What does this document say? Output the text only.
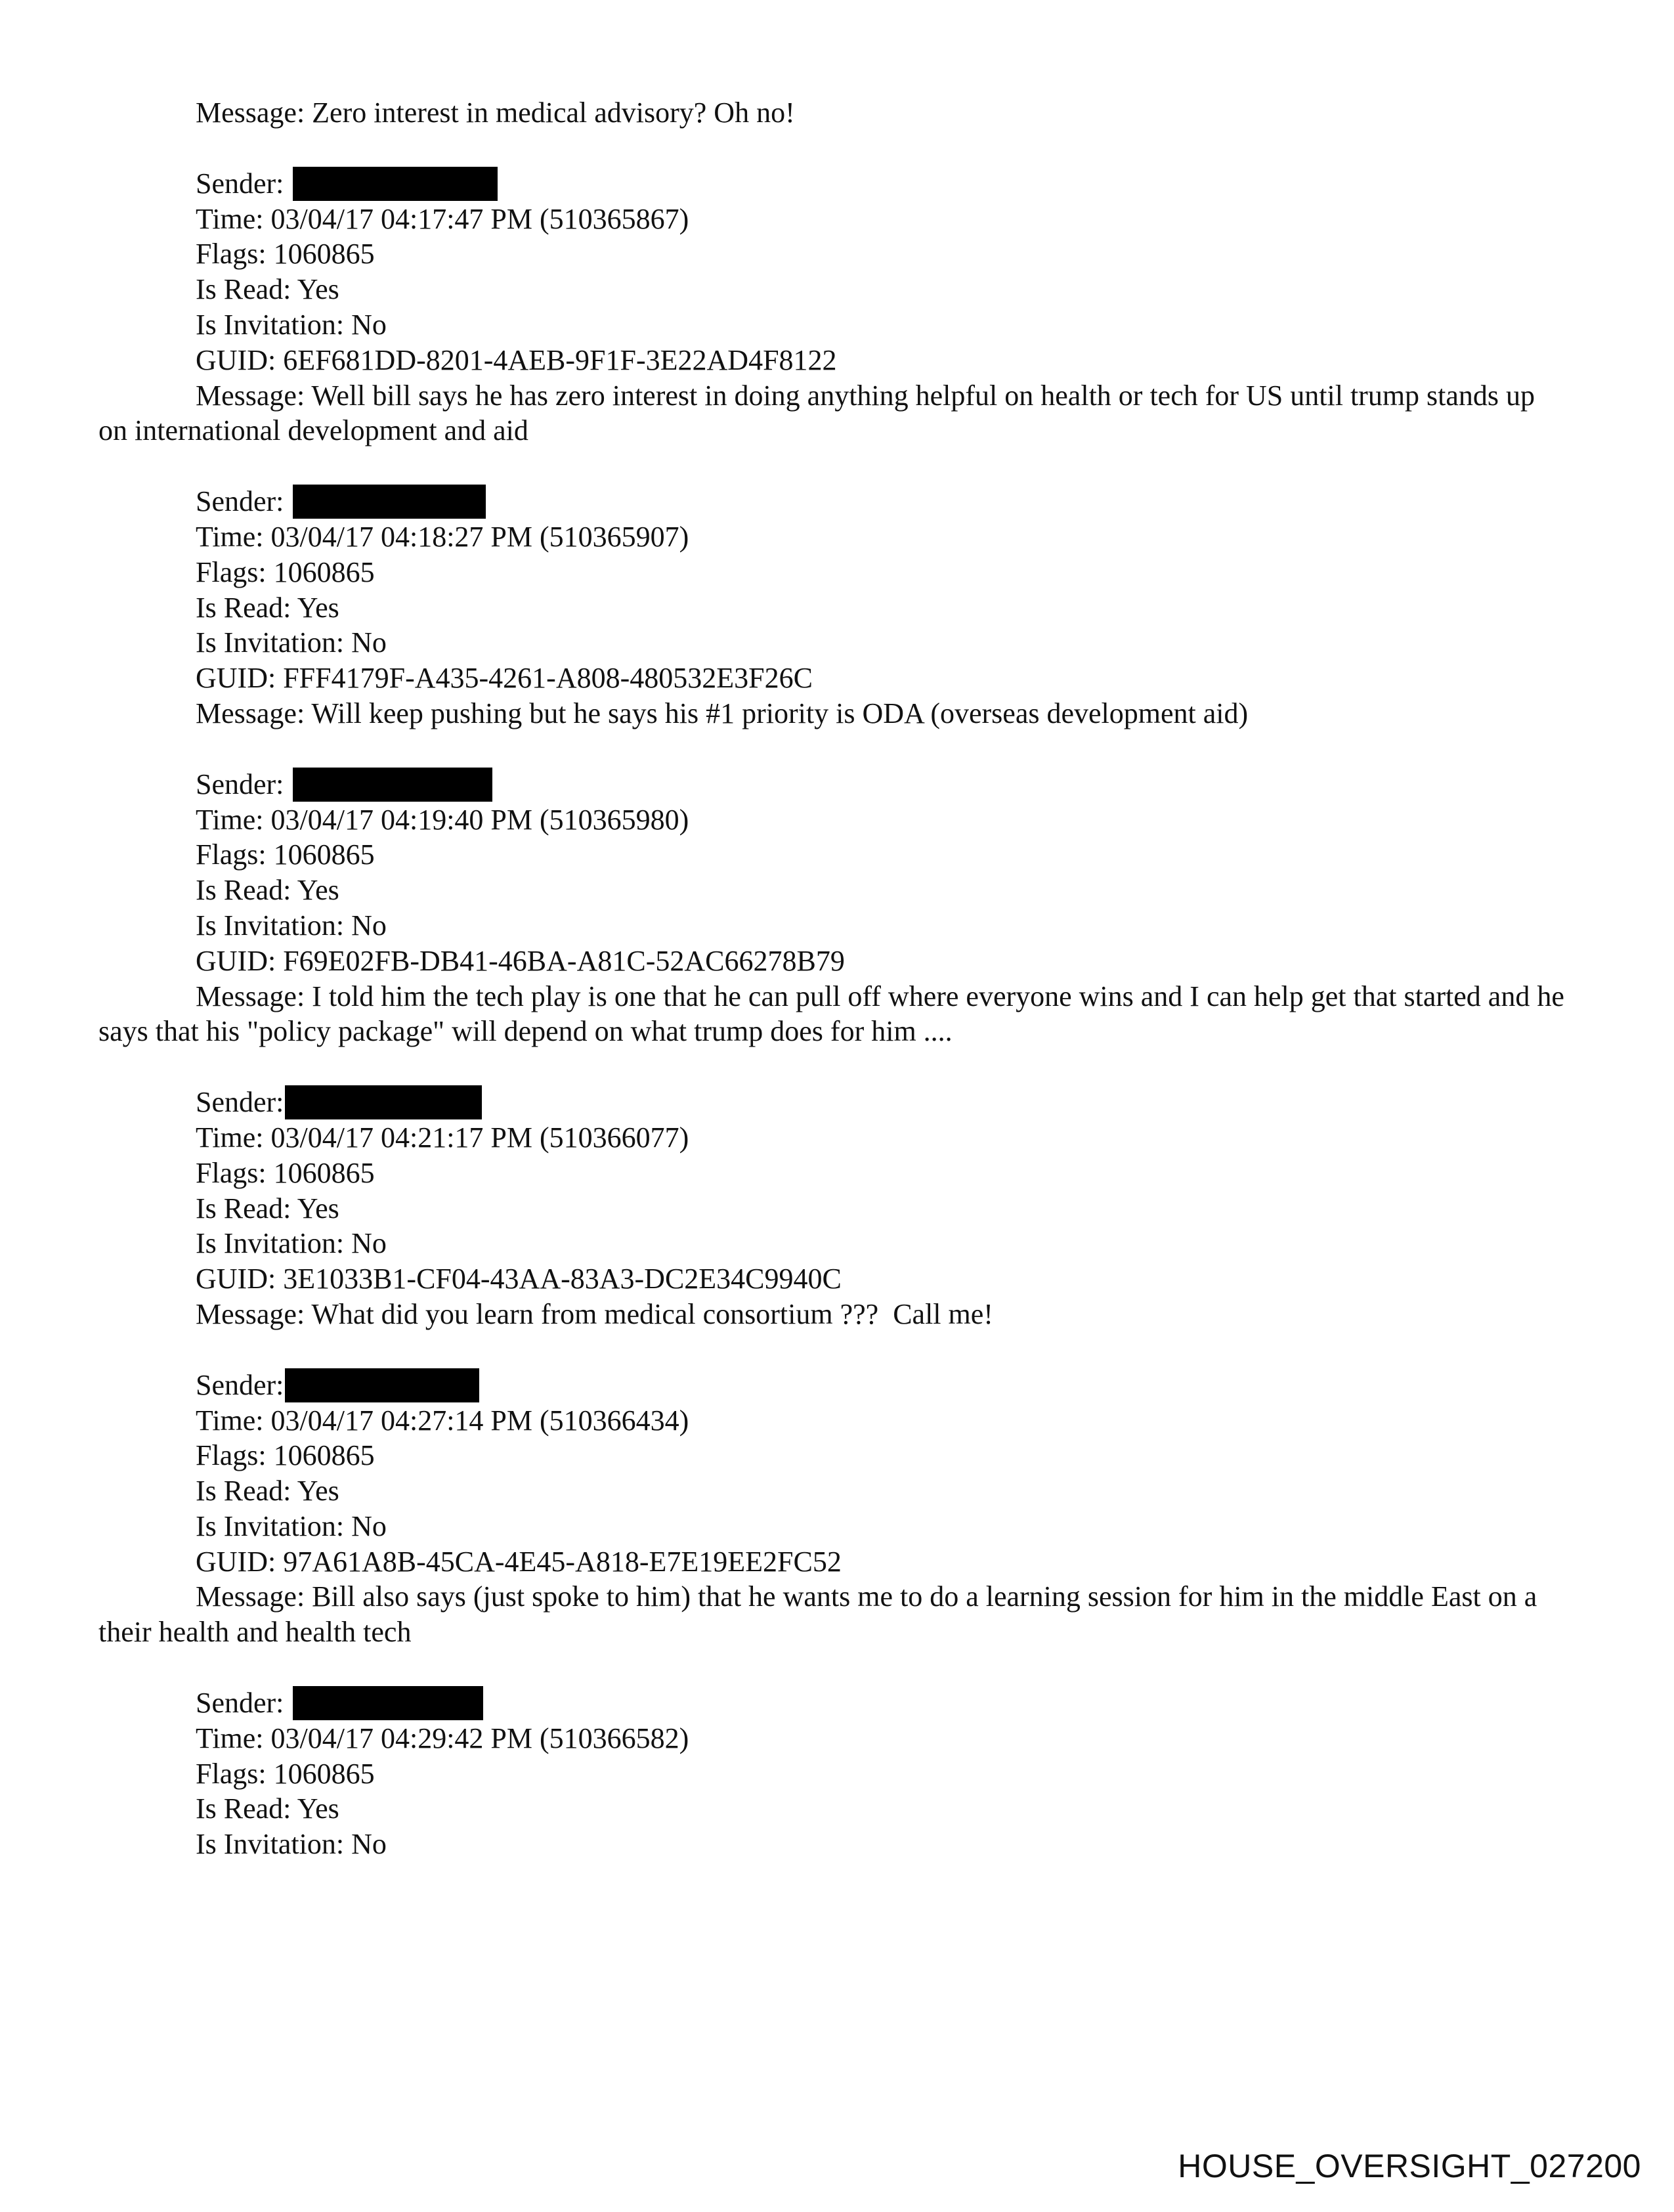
Message: Zero interest in medical advisory? Oh no!
Sender:
Time: 03/04/17 04:17:47 PM (510365867)
Flags: 1060865
Is Read: Yes
Is Invitation: No
GUID: 6EF681DD-8201-4AEB-9F1F-3E22AD4F8122
Message: Well bill says he has zero interest in doing anything helpful on health or tech for US until trump stands up on international development and aid
Sender:
Time: 03/04/17 04:18:27 PM (510365907)
Flags: 1060865
Is Read: Yes
Is Invitation: No
GUID: FFF4179F-A435-4261-A808-480532E3F26C
Message: Will keep pushing but he says his #1 priority is ODA (overseas development aid)
Sender:
Time: 03/04/17 04:19:40 PM (510365980)
Flags: 1060865
Is Read: Yes
Is Invitation: No
GUID: F69E02FB-DB41-46BA-A81C-52AC66278B79
Message: I told him the tech play is one that he can pull off where everyone wins and I can help get that started and he says that his "policy package" will depend on what trump does for him ....
Sender:
Time: 03/04/17 04:21:17 PM (510366077)
Flags: 1060865
Is Read: Yes
Is Invitation: No
GUID: 3E1033B1-CF04-43AA-83A3-DC2E34C9940C
Message: What did you learn from medical consortium ???  Call me!
Sender:
Time: 03/04/17 04:27:14 PM (510366434)
Flags: 1060865
Is Read: Yes
Is Invitation: No
GUID: 97A61A8B-45CA-4E45-A818-E7E19EE2FC52
Message: Bill also says (just spoke to him) that he wants me to do a learning session for him in the middle East on a their health and health tech
Sender:
Time: 03/04/17 04:29:42 PM (510366582)
Flags: 1060865
Is Read: Yes
Is Invitation: No
HOUSE_OVERSIGHT_027200
